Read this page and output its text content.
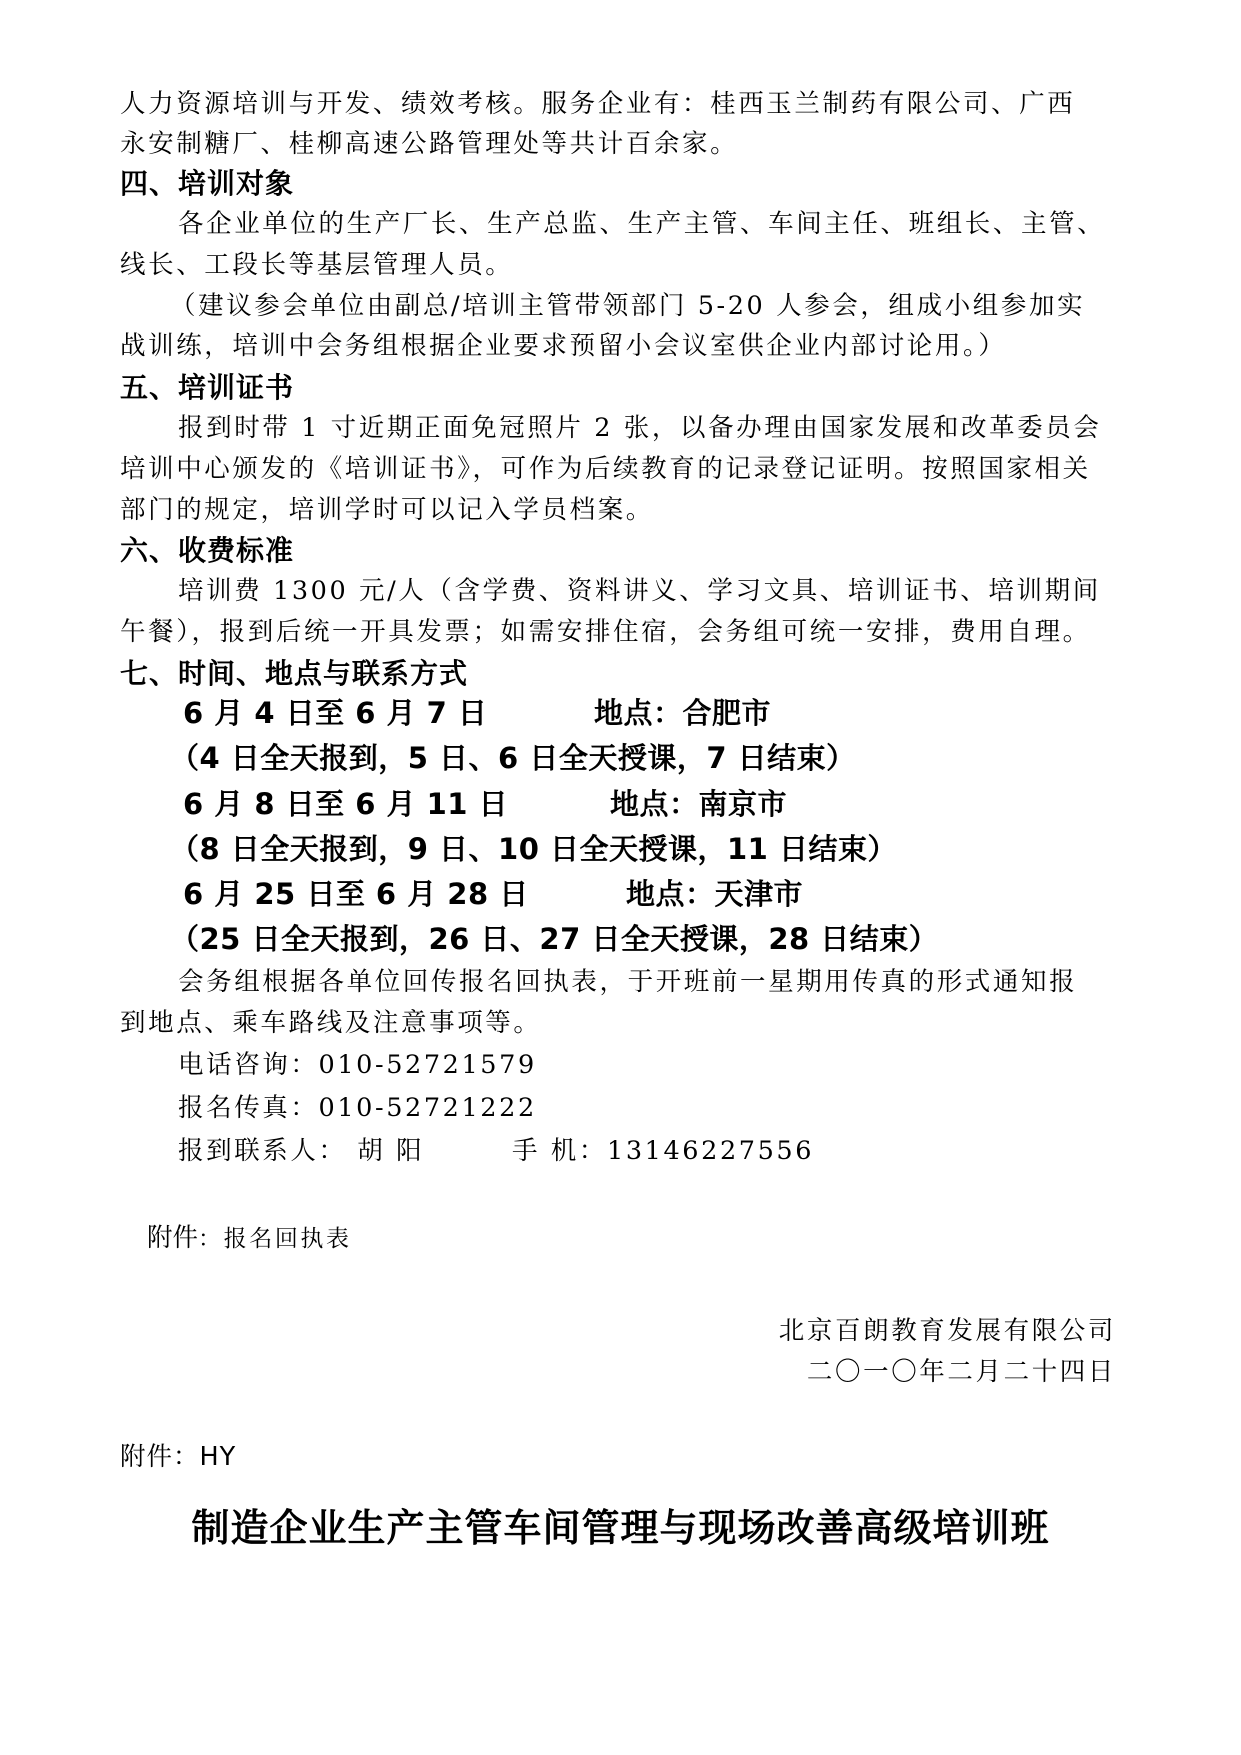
人力资源培训与开发、绩效考核。服务企业有：桂西玉兰制药有限公司、广西
永安制糖厂、桂柳高速公路管理处等共计百余家。
四、培训对象
各企业单位的生产厂长、生产总监、生产主管、车间主任、班组长、主管、
线长、工段长等基层管理人员。
（建议参会单位由副总/培训主管带领部门 5-20 人参会，组成小组参加实
战训练，培训中会务组根据企业要求预留小会议室供企业内部讨论用。）
五、培训证书
报到时带 1 寸近期正面免冠照片 2 张，以备办理由国家发展和改革委员会
培训中心颁发的《培训证书》，可作为后续教育的记录登记证明。按照国家相关
部门的规定，培训学时可以记入学员档案。
六、收费标准
培训费 1300 元/人（含学费、资料讲义、学习文具、培训证书、培训期间
午餐），报到后统一开具发票；如需安排住宿，会务组可统一安排，费用自理。
七、时间、地点与联系方式
6 月 4 日至 6 月 7 日	地点：合肥市
（4 日全天报到，5 日、6 日全天授课，7 日结束）
6 月 8 日至 6 月 11 日	地点：南京市
（8 日全天报到，9 日、10 日全天授课，11 日结束）
6 月 25 日至 6 月 28 日	地点：天津市
（25 日全天报到，26 日、27 日全天授课，28 日结束）
会务组根据各单位回传报名回执表，于开班前一星期用传真的形式通知报
到地点、乘车路线及注意事项等。
电话咨询：010-52721579
报名传真：010-52721222
报到联系人： 胡 阳	手 机：13146227556
附件：报名回执表
北京百朗教育发展有限公司
二〇一〇年二月二十四日
附件：HY
制造企业生产主管车间管理与现场改善高级培训班
